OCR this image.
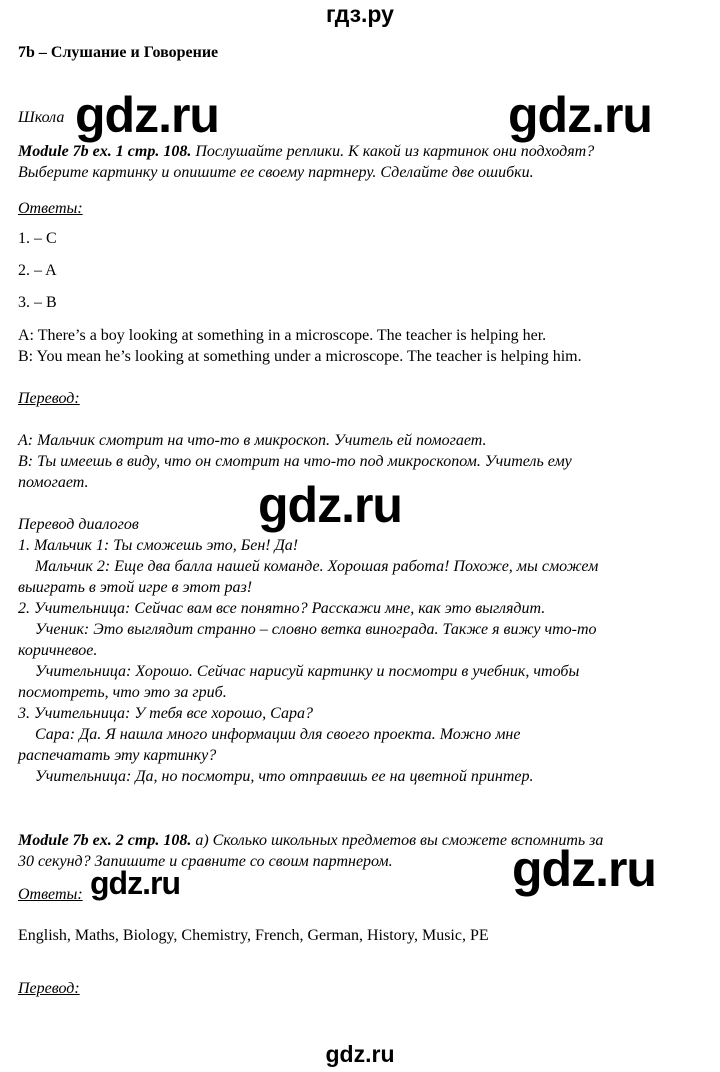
гдз.ру
7b – Слушание и Говорение
Школа gdz.ru	gdz.ru
gdz.ru
gdz.ru	gdz.ru
Module 7b ex. 1 стр. 108. Послушайте реплики. К какой из картинок они подходят?
Выберите картинку и опишите ее своему партнеру. Сделайте две ошибки.
Ответы:
1. – C
2. – A
3. – B
A: There’s a boy looking at something in a microscope. The teacher is helping her.
B: You mean he’s looking at something under a microscope. The teacher is helping him.
Перевод:
A: Мальчик смотрит на что-то в микроскоп. Учитель ей помогает.
B: Ты имеешь в виду, что он смотрит на что-то под микроскопом. Учитель ему
помогает.
Перевод диалогов
1. Мальчик 1: Ты сможешь это, Бен! Да!
Мальчик 2: Еще два балла нашей команде. Хорошая работа! Похоже, мы сможем
выиграть в этой игре в этот раз!
2. Учительница: Сейчас вам все понятно? Расскажи мне, как это выглядит.
Ученик: Это выглядит странно – словно ветка винограда. Также я вижу что-то
коричневое.
Учительница: Хорошо. Сейчас нарисуй картинку и посмотри в учебник, чтобы
посмотреть, что это за гриб.
3. Учительница: У тебя все хорошо, Сара?
Сара: Да. Я нашла много информации для своего проекта. Можно мне
распечатать эту картинку?
Учительница: Да, но посмотри, что отправишь ее на цветной принтер.
Module 7b ex. 2 стр. 108. а) Сколько школьных предметов вы сможете вспомнить за
30 секунд? Запишите и сравните со своим партнером.
Ответы:
English, Maths, Biology, Chemistry, French, German, History, Music, PE
Перевод:
gdz.ru
